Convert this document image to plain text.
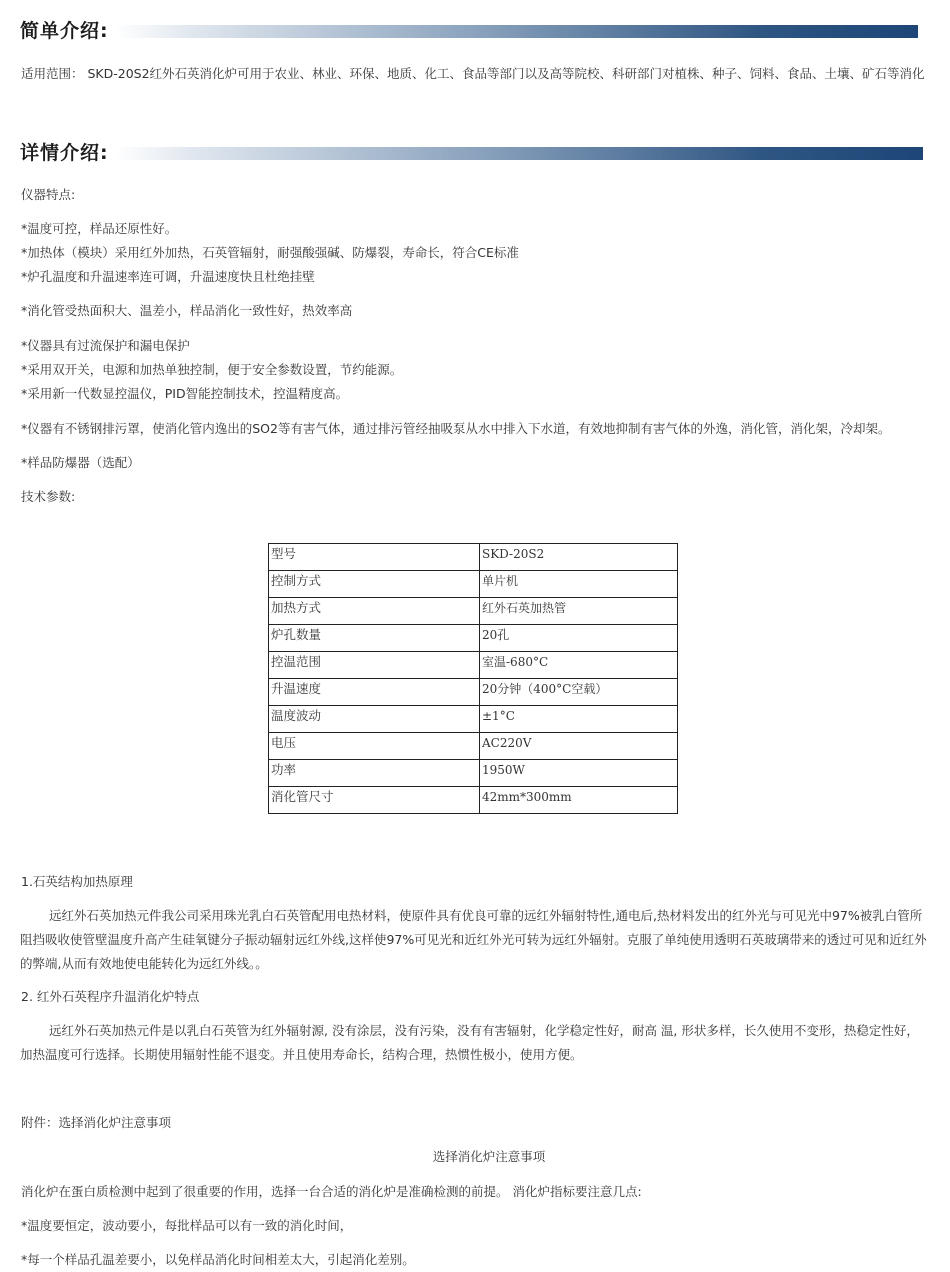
简单介绍:
适用范围： SKD-20S2红外石英消化炉可用于农业、林业、环保、地质、化工、食品等部门以及高等院校、科研部门对植株、种子、饲料、食品、土壤、矿石等消化
详情介绍:
仪器特点:
*温度可控，样品还原性好。
*加热体（模块）采用红外加热，石英管辐射，耐强酸强碱、防爆裂，寿命长，符合CE标准
*炉孔温度和升温速率连可调，升温速度快且杜绝挂壁
*消化管受热面积大、温差小，样品消化一致性好，热效率高
*仪器具有过流保护和漏电保护
*采用双开关，电源和加热单独控制，便于安全参数设置，节约能源。
*采用新一代数显控温仪，PID智能控制技术，控温精度高。
*仪器有不锈钢排污罩，使消化管内逸出的SO2等有害气体，通过排污管经抽吸泵从水中排入下水道，有效地抑制有害气体的外逸，消化管，消化架，冷却架。
*样品防爆器（选配）
技术参数:
型号	SKD-20S2
控制方式	单片机
加热方式	红外石英加热管
炉孔数量	20孔
控温范围	室温-680°C
升温速度	20分钟（400°C空载）
温度波动	±1°C
电压	AC220V
功率	1950W
消化管尺寸	42mm*300mm
1.石英结构加热原理
远红外石英加热元件我公司采用珠光乳白石英管配用电热材料，使原件具有优良可靠的远红外辐射特性,通电后,热材料发出的红外光与可见光中97%被乳白管所阻挡吸收使管壁温度升高产生硅氧键分子振动辐射远红外线,这样使97%可见光和近红外光可转为远红外辐射。克服了单纯使用透明石英玻璃带来的透过可见和近红外的弊端,从而有效地使电能转化为远红外线。。
2. 红外石英程序升温消化炉特点
远红外石英加热元件是以乳白石英管为红外辐射源, 没有涂层，没有污染，没有有害辐射，化学稳定性好，耐高 温, 形状多样，长久使用不变形，热稳定性好，加热温度可行选择。长期使用辐射性能不退变。并且使用寿命长，结构合理，热惯性极小，使用方便。
附件：选择消化炉注意事项
选择消化炉注意事项
消化炉在蛋白质检测中起到了很重要的作用，选择一台合适的消化炉是准确检测的前提。 消化炉指标要注意几点:
*温度要恒定，波动要小，每批样品可以有一致的消化时间，
*每一个样品孔温差要小，以免样品消化时间相差太大，引起消化差别。
